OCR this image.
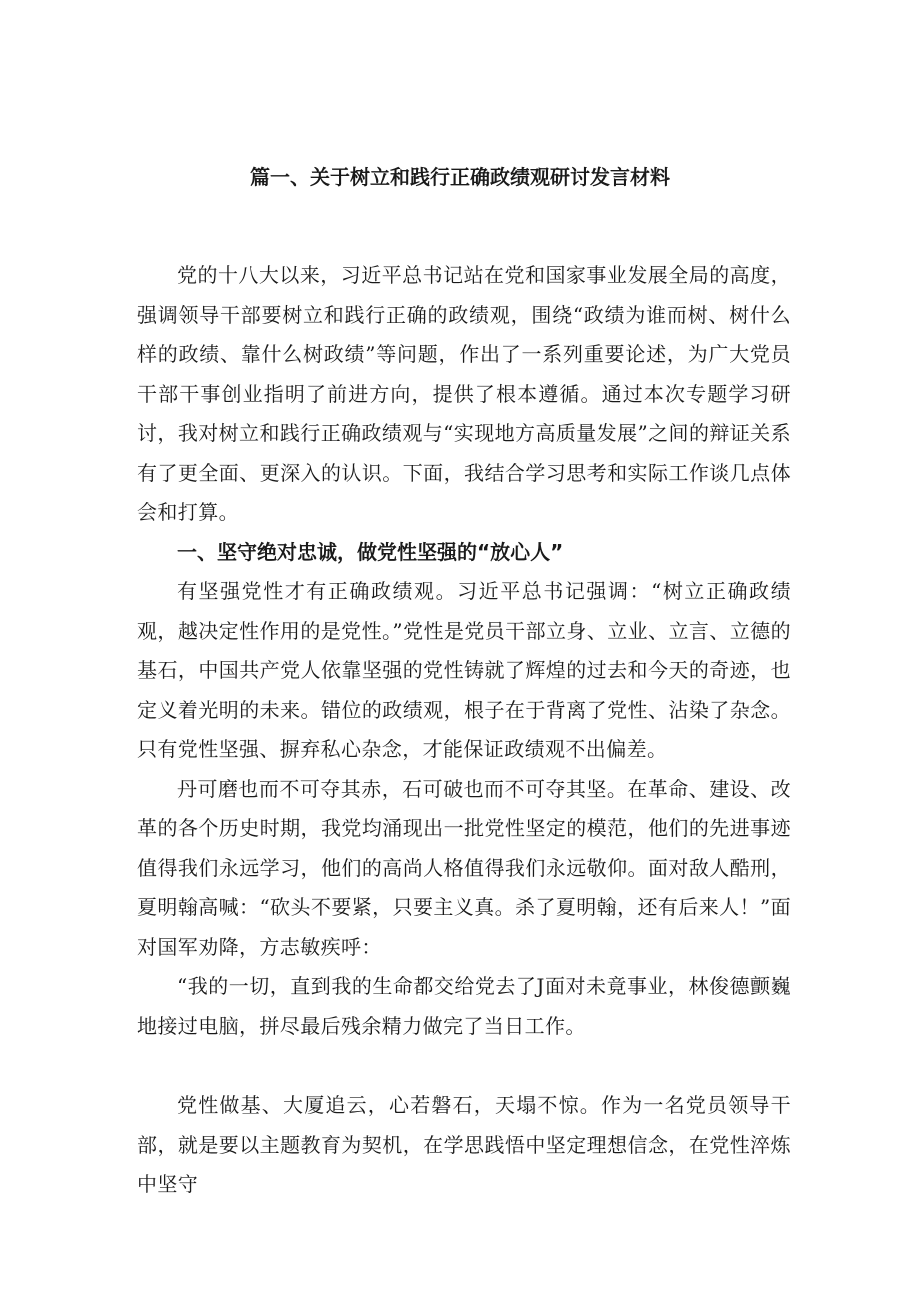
篇一、关于树立和践行正确政绩观研讨发言材料

党的十八大以来，习近平总书记站在党和国家事业发展全局的高度，强调领导干部要树立和践行正确的政绩观，围绕“政绩为谁而树、树什么样的政绩、靠什么树政绩”等问题，作出了一系列重要论述，为广大党员干部干事创业指明了前进方向，提供了根本遵循。通过本次专题学习研讨，我对树立和践行正确政绩观与“实现地方高质量发展”之间的辩证关系有了更全面、更深入的认识。下面，我结合学习思考和实际工作谈几点体会和打算。

一、坚守绝对忠诚，做党性坚强的“放心人”

有坚强党性才有正确政绩观。习近平总书记强调：“树立正确政绩观，越决定性作用的是党性。”党性是党员干部立身、立业、立言、立德的基石，中国共产党人依靠坚强的党性铸就了辉煌的过去和今天的奇迹，也定义着光明的未来。错位的政绩观，根子在于背离了党性、沾染了杂念。只有党性坚强、摒弃私心杂念，才能保证政绩观不出偏差。

丹可磨也而不可夺其赤，石可破也而不可夺其坚。在革命、建设、改革的各个历史时期，我党均涌现出一批党性坚定的模范，他们的先进事迹值得我们永远学习，他们的高尚人格值得我们永远敬仰。面对敌人酷刑，夏明翰高喊：“砍头不要紧，只要主义真。杀了夏明翰，还有后来人！”面对国军劝降，方志敏疾呼：

“我的一切，直到我的生命都交给党去了J面对未竟事业，林俊德颤巍地接过电脑，拼尽最后残余精力做完了当日工作。

党性做基、大厦追云，心若磐石，天塌不惊。作为一名党员领导干部，就是要以主题教育为契机，在学思践悟中坚定理想信念，在党性淬炼中坚守
